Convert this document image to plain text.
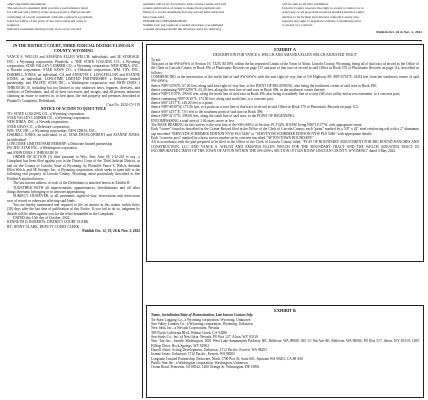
other negotiable instrument.

The selected consultant shall provide a performance bond

for 100 percent (100%) of the proposal price. Bid proposals

consisting of a local consultant with sub-contracts a payment

bond for 100% of the price of the sub-contracted work is

required.

Selected consultant shall provide, at its own cost and

payment will be in accordance with contract terms and will

require publication of intent to make final payment and

filing of a sworn statement that any and all subcontractors

have been paid.

NONRETAL INFORMATION:

Submit four (4) copies in a sealed envelope, (recommend

a sealed envelope inside the envelope used for delivery)

will be sent to all who submitted.

Lincoln County reserves the right to award a contract or to

reject any or all proposals received should Lincoln County

deem it to be in their best interest. Lincoln County also

reserves the right to negotiate with the Consultant's prior

to award of a contract.

Publish Oct. 26 & Nov. 2, 2022

IN THE DISTRICT COURT, THIRD JUDICIAL DISTRICT LINCOLN COUNTY, WYOMING

VANCE S. WELCH and AMANDA ELLEN WELCH, individuals, and 3E STORAGE, INC., a Wyoming corporation, Plaintiffs, v. THE STATE LOGGING CO., a Wyoming corporation; STAR VALLEY LUMBER CO., a Wyoming corporation; NEW IDRIA, INC., a Nevada corporation; STAR SAWS CO., a Delaware corporation; WM. TAY, INC., DARRELL JONES, an individual, CA and ANNETTE J. LONGFELLOW and JOANNE JONES, an individual; LONGTIME LIMITED PARTNERSHIP: a Delaware limited partnership; and PACIFIC STAR INC., a Washington corporation; and JOHN DOES 1 THROUGH 10, including but not limited to any unknown heirs, legatees, devisees, and creditors of Defendants; and all of their successors and assigns, and all persons unknown claiming an estate or interest in, or lien upon, the real property and premises described in Plaintiff's Complaint, Defendants.

Case No. 2022-CV-119

NOTICE OF ACTION TO QUIET TITLE

TO: STATE LOGGING CO., a Wyoming corporation

STAR VALLEY LUMBER CO., a Wyoming corporation;

NEW IDRIA, INC., a Nevada corporation;

STAR SAWS CO., a Delaware corporation;

WM. TAY, INC., a Wyoming corporation; NEW IDRIA, INC.,

DARRELL JONES, an individual; et al., STAR DEVELOPMENT and JOANNE JONES, an individual

LONGTIME LIMITED PARTNERSHIP: a Delaware limited partnership

PACIFIC STAR INC., a Washington corporation

and JOHN DOES 1 THROUGH 10

ORDER OF ACTION (1) filed pursuant to Wyo. Stat. Ann. §§ 1-32-201 et seq., a Complaint has been filed against you in the District Court of the Third Judicial District, in and for the County of Lincoln, State of Wyoming, by Plaintiffs Vance S. Welch, Amanda Ellen Welch, and 3E Storage, Inc., a Wyoming corporation, which seeks to quiet title to the following real property in Lincoln County, Wyoming, more particularly described as See Exhibit A attached hereto.

The last known address of each of the Defendants is attached hereto as Exhibit B.

TOGETHER WITH all improvements, appurtenances, hereditaments and all other things thereunto belonging or in anywise appertaining.

SUBJECT, HOWEVER, to all easements, rights-of-way, reservations and restrictions now of record or otherwise affecting said lands.

You are hereby summoned and required to file an answer in this matter within thirty (30) days after the last date of publication of this Notice. If you fail to do so, judgment by default will be taken against you for the relief demanded in the Complaint.

DATED this 13th day of October, 2022.

KENNETH D. ROBERTS, DISTRICT COURT CLERK

BY: JENNY CLARK, DEPUTY COURT CLERK

Publish Oct. 12, 19, 26 & Nov. 2, 2022

EXHIBIT A

DESCRIPTION FOR VANCE S. WELCH AND AMANDA ELLEN WELCH ADJUSTED TRACT

To wit:

That part of the SW¼SW¼ of Section 19, T32N, R118W, within the Incorporated Limits of the Town of Afton, Lincoln County, Wyoming, being all of that tract of record as the Office of the Clerk of Lincoln County in Book 396 of Photostatic Records on page 137 and part of that tract of record in said Office in Book 370 of Photostatic Records on page 112, described as follows:

COMMENCING at the intersection of the north line of said SW¼SW¼ with the east right-of-way line of US Highway 89; S89°25'54"E, 36.84 feet from the southwest corner of said SW¼SW¼;

thence N89°32'06"E, 67.20 feet, along said east right-of-way line, to the POINT OF BEGINNING, also being the northwest corner of said tract in Book 396;

thence continuing N89°32'06"E, 63.20 feet, along the west line of said tract in Book 396, to the northwest corner thereof;

thence N89°16'10"E, 290.65 feet, along the north line of said tract in Book 396, also being a southerly line of a sixty (60) foot utility and access easement, to a concrete post;

thence continuing N89°16'10"E, 173.50 feet, along said north line, to a concrete post;

thence S00°14'37"E, 149.20 feet to a point;

thence N89°40'30"W, 173.56 feet, to a point on a west line of that tract of record in said Office in Book 370 of Photostatic Records on page 112;

thence S00°14'37"E, 7.01 feet to the southeast point of said tract in Book 396;

thence N89°41'37"E, 298.06 feet, along the south line of said tract, to the POINT OF BEGINNING;

ENCOMPASSING a total area of 1.66 acres, more or less.

The BASE BEARING for this survey is the west line of the SW¼SW¼ of Section 19, T32N, R118W, being N00°14'37"W, with appropriate strata.

Each "corner" found as described in the Corner Record filed in the Office of the Clerk of Lincoln County; each "point" marked by a 5/8" x 24" steel reinforcing rod with a 2" aluminum cap inscribed "MRYLYDE SCHRIMER EDITION NYW PLS 5446" or "SURVEYOR SCHRIMER EDITION NYW PLS 5446" with appropriate details.

Each "concrete post" marked by a brass survey marker set in concrete inscribed "AFTON TOWN BOUNDARY".

All in accordance with the plat prepared to be filed in the Office of the Clerk of Lincoln County titled, "PLAT OF BOUNDARY ADJUSTMENT FOR BIG ROUND RANCHES AND CONSTRUCTION, LLC AND VANCE S. WELCH AND AMANDA ELLEN WELCH FOR THE BOUNDARY TRACT AND THE WELCH ADJUSTED TRACT IN INCORPORATED LIMITS OF THE TOWN OF AFTON WITHIN THE SW¼SW¼ SECTION 19 T32N R118W LINCOLN COUNTY, WYOMING" dated 3 May 2022.

EXHIBIT B

Name, Jurisdiction/State of Domestication, Last known Contact Info

Tri-State Logging Co., a Wyoming corporation, Wyoming, Unknown

Star Valley Lumber Co., a Wyoming corporation, Wyoming, Unknown

New Idria, Inc., a Nevada Corporation, Nevada

399 North California Blvd, Walnut Creek, CA 94596

Star Studs Co., Inc. of New Idria, Nevada, PO Box 127, Afton, WY 83110

Wm. Tay, Inc., Seattle, Washington, 5081 West Lake Sammamish Parkway NE, Bellevue, WA 98008, 365 1/1 8th Ave SE, Bellevue, WA 98004, PO Box 517, Afton, WY 83110; 1200 Hilltop Drive, Rock Springs, WY 82902

Darrell Jones: Acting Development, Unknown, 1712 Pacific, Everett, WA 98203

Joanne Jones: Unknown, 1712 Pacific, Everett, WA 98203

Longtime Limited Partnership, Delaware, North 1700 Prof St, Suite 601, Spokane WA 99201, CA 88 AM

Pacific Star Inc., a Washington corporation, Washington, Unknown

Ocean Road, Princeton, NJ 08542, 1200 Orange St, Wilmington, DE 19801
